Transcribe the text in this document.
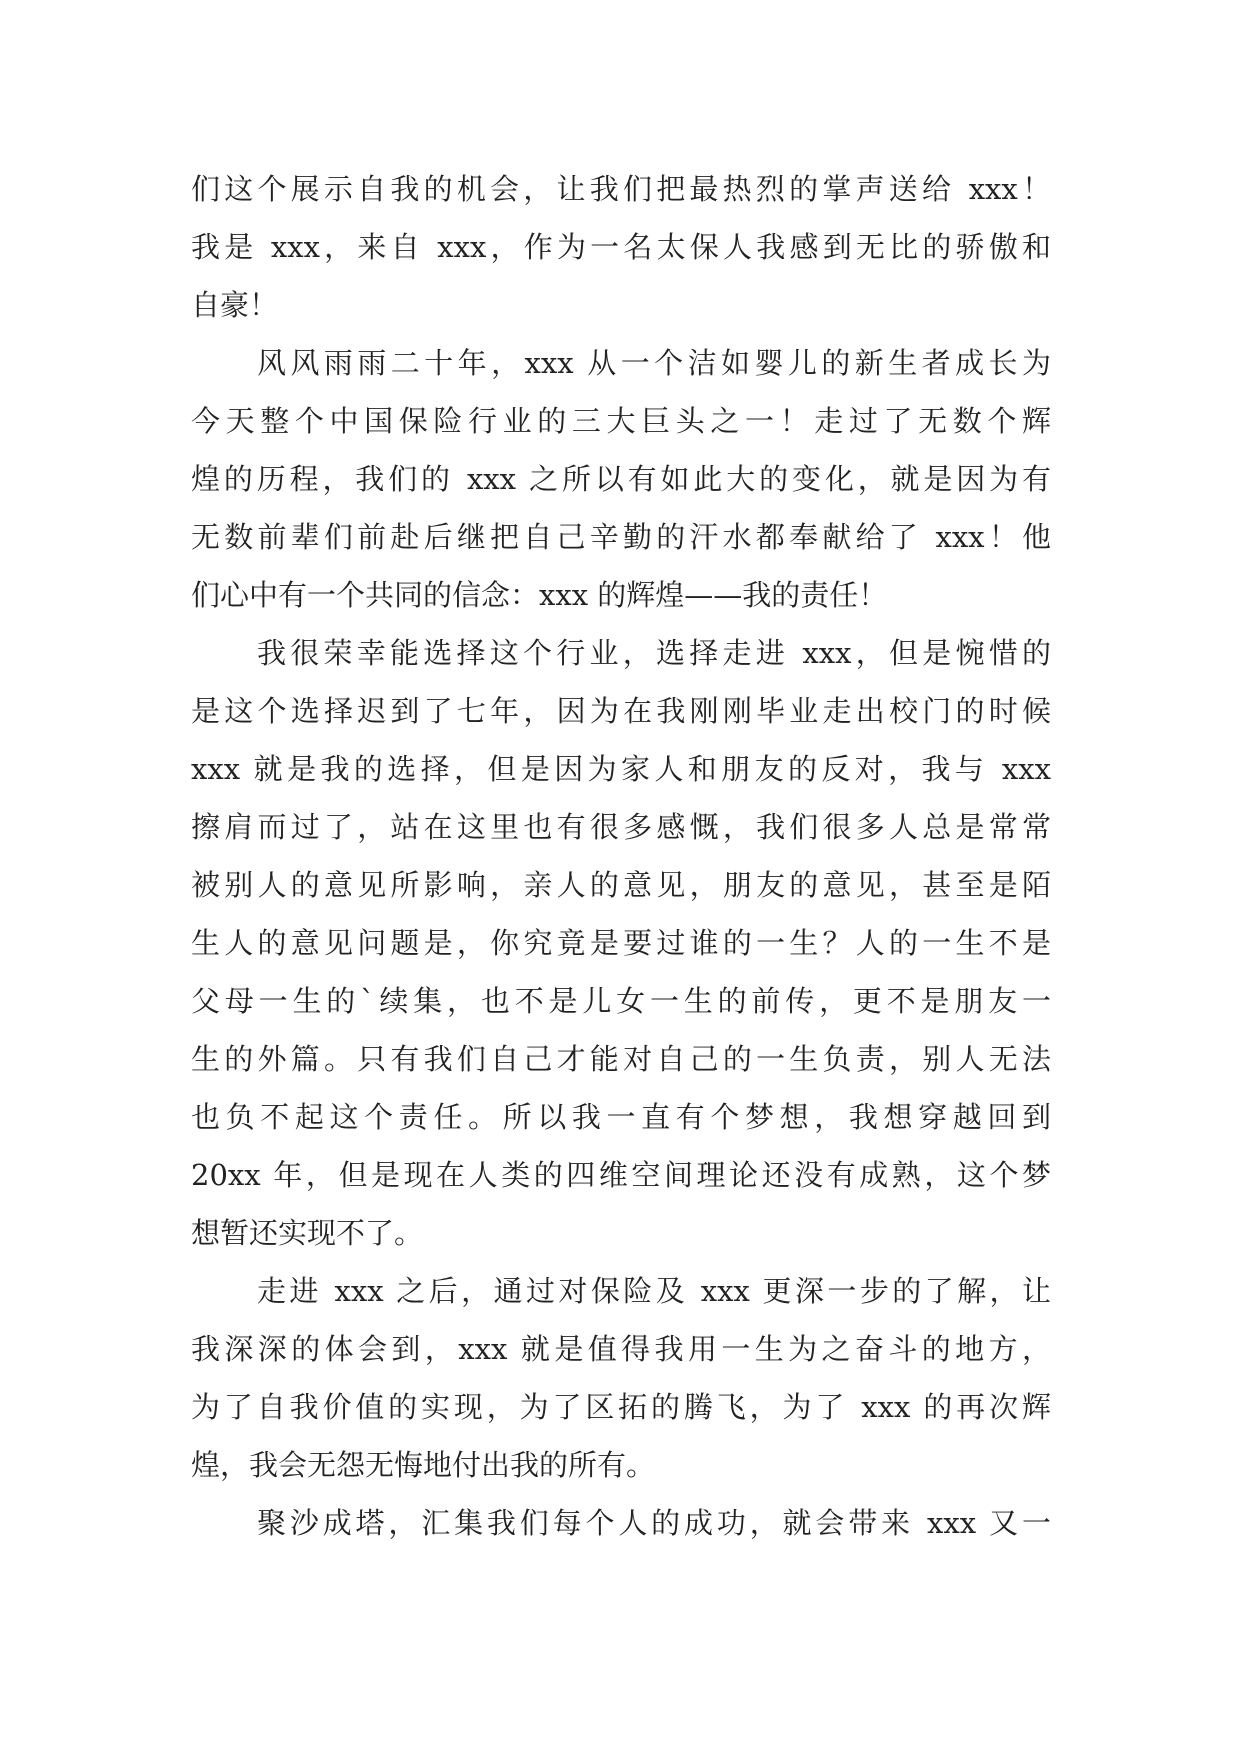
们这个展示自我的机会，让我们把最热烈的掌声送给 xxx！
我是 xxx，来自 xxx，作为一名太保人我感到无比的骄傲和
自豪！
风风雨雨二十年，xxx 从一个洁如婴儿的新生者成长为
今天整个中国保险行业的三大巨头之一！走过了无数个辉
煌的历程，我们的 xxx 之所以有如此大的变化，就是因为有
无数前辈们前赴后继把自己辛勤的汗水都奉献给了 xxx！他
们心中有一个共同的信念：xxx 的辉煌——我的责任！
我很荣幸能选择这个行业，选择走进 xxx，但是惋惜的
是这个选择迟到了七年，因为在我刚刚毕业走出校门的时候
xxx 就是我的选择，但是因为家人和朋友的反对，我与 xxx
擦肩而过了，站在这里也有很多感慨，我们很多人总是常常
被别人的意见所影响，亲人的意见，朋友的意见，甚至是陌
生人的意见问题是，你究竟是要过谁的一生？人的一生不是
父母一生的`续集，也不是儿女一生的前传，更不是朋友一
生的外篇。只有我们自己才能对自己的一生负责，别人无法
也负不起这个责任。所以我一直有个梦想，我想穿越回到
20xx 年，但是现在人类的四维空间理论还没有成熟，这个梦
想暂还实现不了。
走进 xxx 之后，通过对保险及 xxx 更深一步的了解，让
我深深的体会到，xxx 就是值得我用一生为之奋斗的地方，
为了自我价值的实现，为了区拓的腾飞，为了 xxx 的再次辉
煌，我会无怨无悔地付出我的所有。
聚沙成塔，汇集我们每个人的成功，就会带来 xxx 又一
